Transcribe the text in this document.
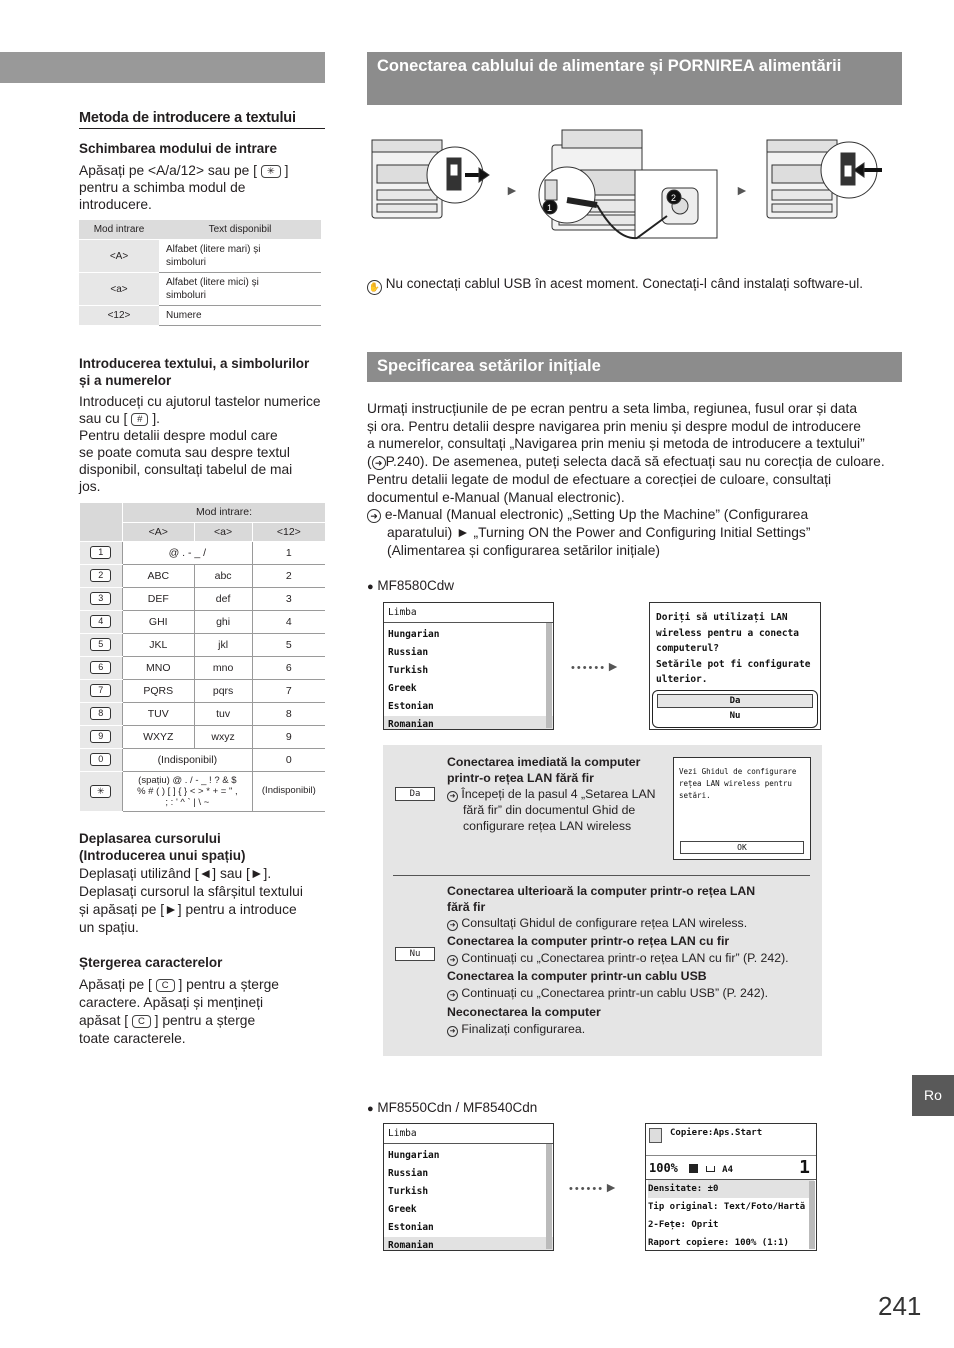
Metoda de introducere a textului
Schimbarea modului de intrare
Apăsați pe <A/a/12> sau pe [ ✳ ]
pentru a schimba modul de
introducere.
Mod intrare	Text disponibil
<A>	Alfabet (litere mari) și
simboluri
<a>	Alfabet (litere mici) și
simboluri
<12>	Numere
Introducerea textului, a simbolurilor
și a numerelor
Introduceți cu ajutorul tastelor numerice
sau cu [ # ].
Pentru detalii despre modul care
se poate comuta sau despre textul
disponibil, consultați tabelul de mai
jos.
	Mod intrare:		
	<A>	<a>	<12>
1	@ . - _ /		1
2	ABC	abc	2
3	DEF	def	3
4	GHI	ghi	4
5	JKL	jkl	5
6	MNO	mno	6
7	PQRS	pqrs	7
8	TUV	tuv	8
9	WXYZ	wxyz	9
0	(Indisponibil)		0
✳	(spațiu) @ . / - _ ! ? & $
% # ( ) [ ] { } < > * + = " ,
; : ' ^ ` | \ ~		(Indisponibil)
Deplasarea cursorului
(Introducerea unui spațiu)
Deplasați utilizând [◄] sau [►].
Deplasați cursorul la sfârșitul textului
și apăsați pe [►] pentru a introduce
un spațiu.
Ștergerea caracterelor
Apăsați pe [ C ] pentru a șterge
caractere. Apăsați și mențineți
apăsat [ C ] pentru a șterge
toate caracterele.
Conectarea cablului de alimentare și PORNIREA alimentării
►
1
2	►
✋ Nu conectați cablul USB în acest moment. Conectați-l când instalați software-ul.
Specificarea setărilor inițiale
Urmați instrucțiunile de pe ecran pentru a seta limba, regiunea, fusul orar și data
și ora. Pentru detalii despre navigarea prin meniu și despre modul de introducere
a numerelor, consultați „Navigarea prin meniu și metoda de introducere a textului”
( ➜ P.240). De asemenea, puteți selecta dacă să efectuați sau nu corecția de culoare.
Pentru detalii legate de modul de efectuare a corecției de culoare, consultați
documentul e-Manual (Manual electronic).
➜ e-Manual (Manual electronic) „Setting Up the Machine” (Configurarea
aparatului) ► „Turning ON the Power and Configuring Initial Settings”
(Alimentarea și configurarea setărilor inițiale)
● MF8580Cdw
Limba
Hungarian
Russian
Turkish
Greek
Estonian
Romanian
••••••►
Doriți să utilizați LAN
wireless pentru a conecta
computerul?
Setările pot fi configurate
ulterior.
Da
Nu
Da
Conectarea imediată la computer
printr-o rețea LAN fără fir
➜ Începeți de la pasul 4 „Setarea LAN
fără fir” din documentul Ghid de
configurare rețea LAN wireless
Vezi Ghidul de configurare
rețea LAN wireless pentru
setări.
OK
Nu
Conectarea ulterioară la computer printr-o rețea LAN
fără fir
➜ Consultați Ghidul de configurare rețea LAN wireless.
Conectarea la computer printr-o rețea LAN cu fir
➜ Continuați cu „Conectarea printr-o rețea LAN cu fir” (P. 242).
Conectarea la computer printr-un cablu USB
➜ Continuați cu „Conectarea printr-un cablu USB” (P. 242).
Neconectarea la computer
➜ Finalizați configurarea.
● MF8550Cdn / MF8540Cdn
Limba
Hungarian
Russian
Turkish
Greek
Estonian
Romanian
••••••►
Copiere:Aps.Start
100%	A4	1
Densitate: ±0
Tip original: Text/Foto/Hartă
2-Fețe: Oprit
Raport copiere: 100% (1:1)
Ro
241
